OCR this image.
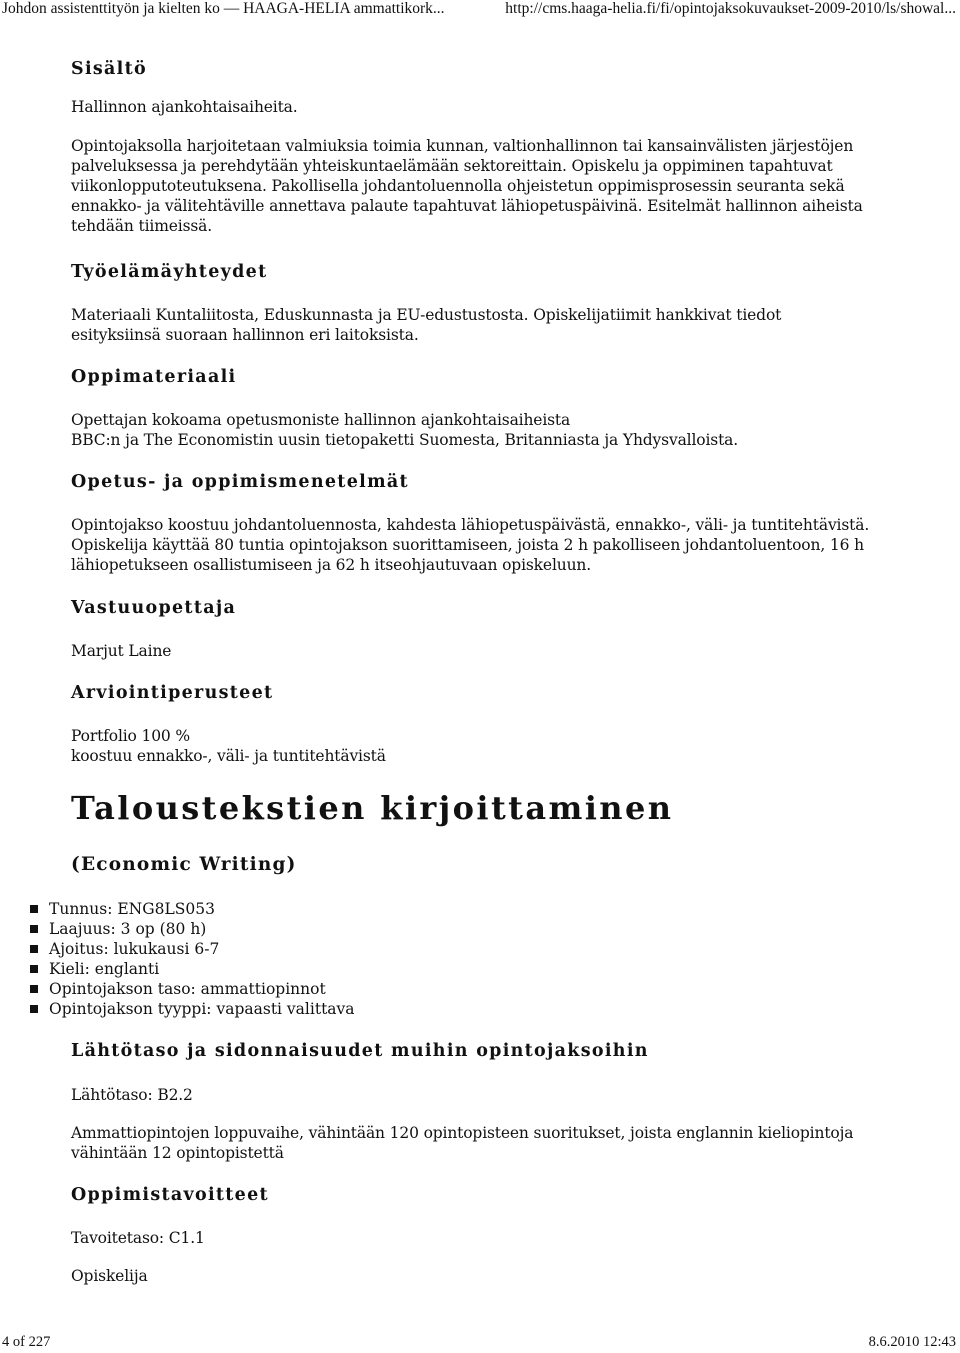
Johdon assistenttityön ja kielten ko — HAAGA-HELIA ammattikork...	http://cms.haaga-helia.fi/fi/opintojaksokuvaukset-2009-2010/ls/showal...
Sisältö
Hallinnon ajankohtaisaiheita.
Opintojaksolla harjoitetaan valmiuksia toimia kunnan, valtionhallinnon tai kansainvälisten järjestöjen
palveluksessa ja perehdytään yhteiskuntaelämään sektoreittain. Opiskelu ja oppiminen tapahtuvat
viikonlopputoteutuksena. Pakollisella johdantoluennolla ohjeistetun oppimisprosessin seuranta sekä
ennakko- ja välitehtäville annettava palaute tapahtuvat lähiopetuspäivinä. Esitelmät hallinnon aiheista
tehdään tiimeissä.
Työelämäyhteydet
Materiaali Kuntaliitosta, Eduskunnasta ja EU-edustustosta. Opiskelijatiimit hankkivat tiedot
esityksiinsä suoraan hallinnon eri laitoksista.
Oppimateriaali
Opettajan kokoama opetusmoniste hallinnon ajankohtaisaiheista
BBC:n ja The Economistin uusin tietopaketti Suomesta, Britanniasta ja Yhdysvalloista.
Opetus- ja oppimismenetelmät
Opintojakso koostuu johdantoluennosta, kahdesta lähiopetuspäivästä, ennakko-, väli- ja tuntitehtävistä.
Opiskelija käyttää 80 tuntia opintojakson suorittamiseen, joista 2 h pakolliseen johdantoluentoon, 16 h
lähiopetukseen osallistumiseen ja 62 h itseohjautuvaan opiskeluun.
Vastuuopettaja
Marjut Laine
Arviointiperusteet
Portfolio 100 %
koostuu ennakko-, väli- ja tuntitehtävistä
Taloustekstien kirjoittaminen
(Economic Writing)
Tunnus: ENG8LS053
Laajuus: 3 op (80 h)
Ajoitus: lukukausi 6-7
Kieli: englanti
Opintojakson taso: ammattiopinnot
Opintojakson tyyppi: vapaasti valittava
Lähtötaso ja sidonnaisuudet muihin opintojaksoihin
Lähtötaso: B2.2
Ammattiopintojen loppuvaihe, vähintään 120 opintopisteen suoritukset, joista englannin kieliopintoja
vähintään 12 opintopistettä
Oppimistavoitteet
Tavoitetaso: C1.1
Opiskelija
4 of 227	8.6.2010 12:43
